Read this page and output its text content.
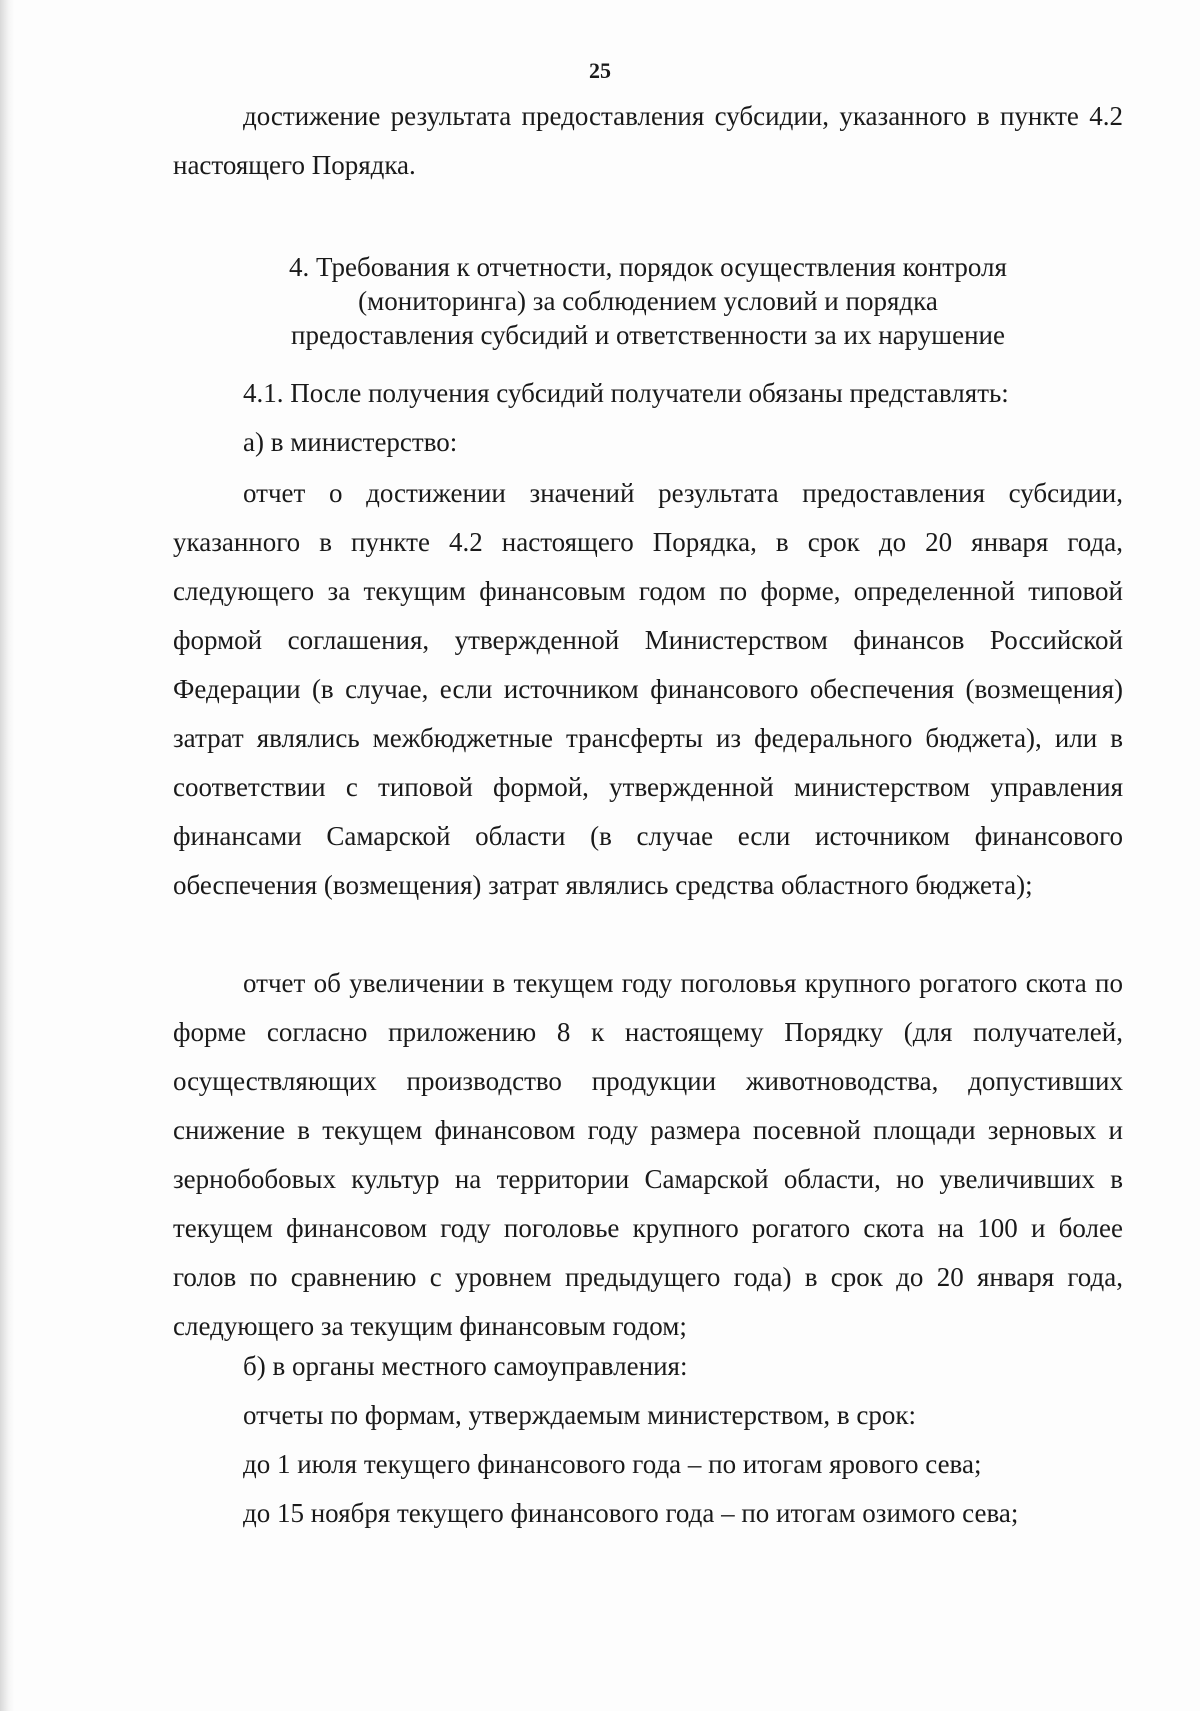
25
достижение результата предоставления субсидии, указанного в пункте 4.2 настоящего Порядка.
4. Требования к отчетности, порядок осуществления контроля
(мониторинга) за соблюдением условий и порядка
предоставления субсидий и ответственности за их нарушение
4.1. После получения субсидий получатели обязаны представлять:
а) в министерство:
отчет о достижении значений результата предоставления субсидии, указанного в пункте 4.2 настоящего Порядка, в срок до 20 января года, следующего за текущим финансовым годом по форме, определенной типовой формой соглашения, утвержденной Министерством финансов Российской Федерации (в случае, если источником финансового обеспечения (возмещения) затрат являлись межбюджетные трансферты из федерального бюджета), или в соответствии с типовой формой, утвержденной министерством управления финансами Самарской области (в случае если источником финансового обеспечения (возмещения) затрат являлись средства областного бюджета);
отчет об увеличении в текущем году поголовья крупного рогатого скота по форме согласно приложению 8 к настоящему Порядку (для получателей, осуществляющих производство продукции животноводства, допустивших снижение в текущем финансовом году размера посевной площади зерновых и зернобобовых культур на территории Самарской области, но увеличивших в текущем финансовом году поголовье крупного рогатого скота на 100 и более голов по сравнению с уровнем предыдущего года) в срок до 20 января года, следующего за текущим финансовым годом;
б) в органы местного самоуправления:
отчеты по формам, утверждаемым министерством, в срок:
до 1 июля текущего финансового года – по итогам ярового сева;
до 15 ноября текущего финансового года – по итогам озимого сева;
